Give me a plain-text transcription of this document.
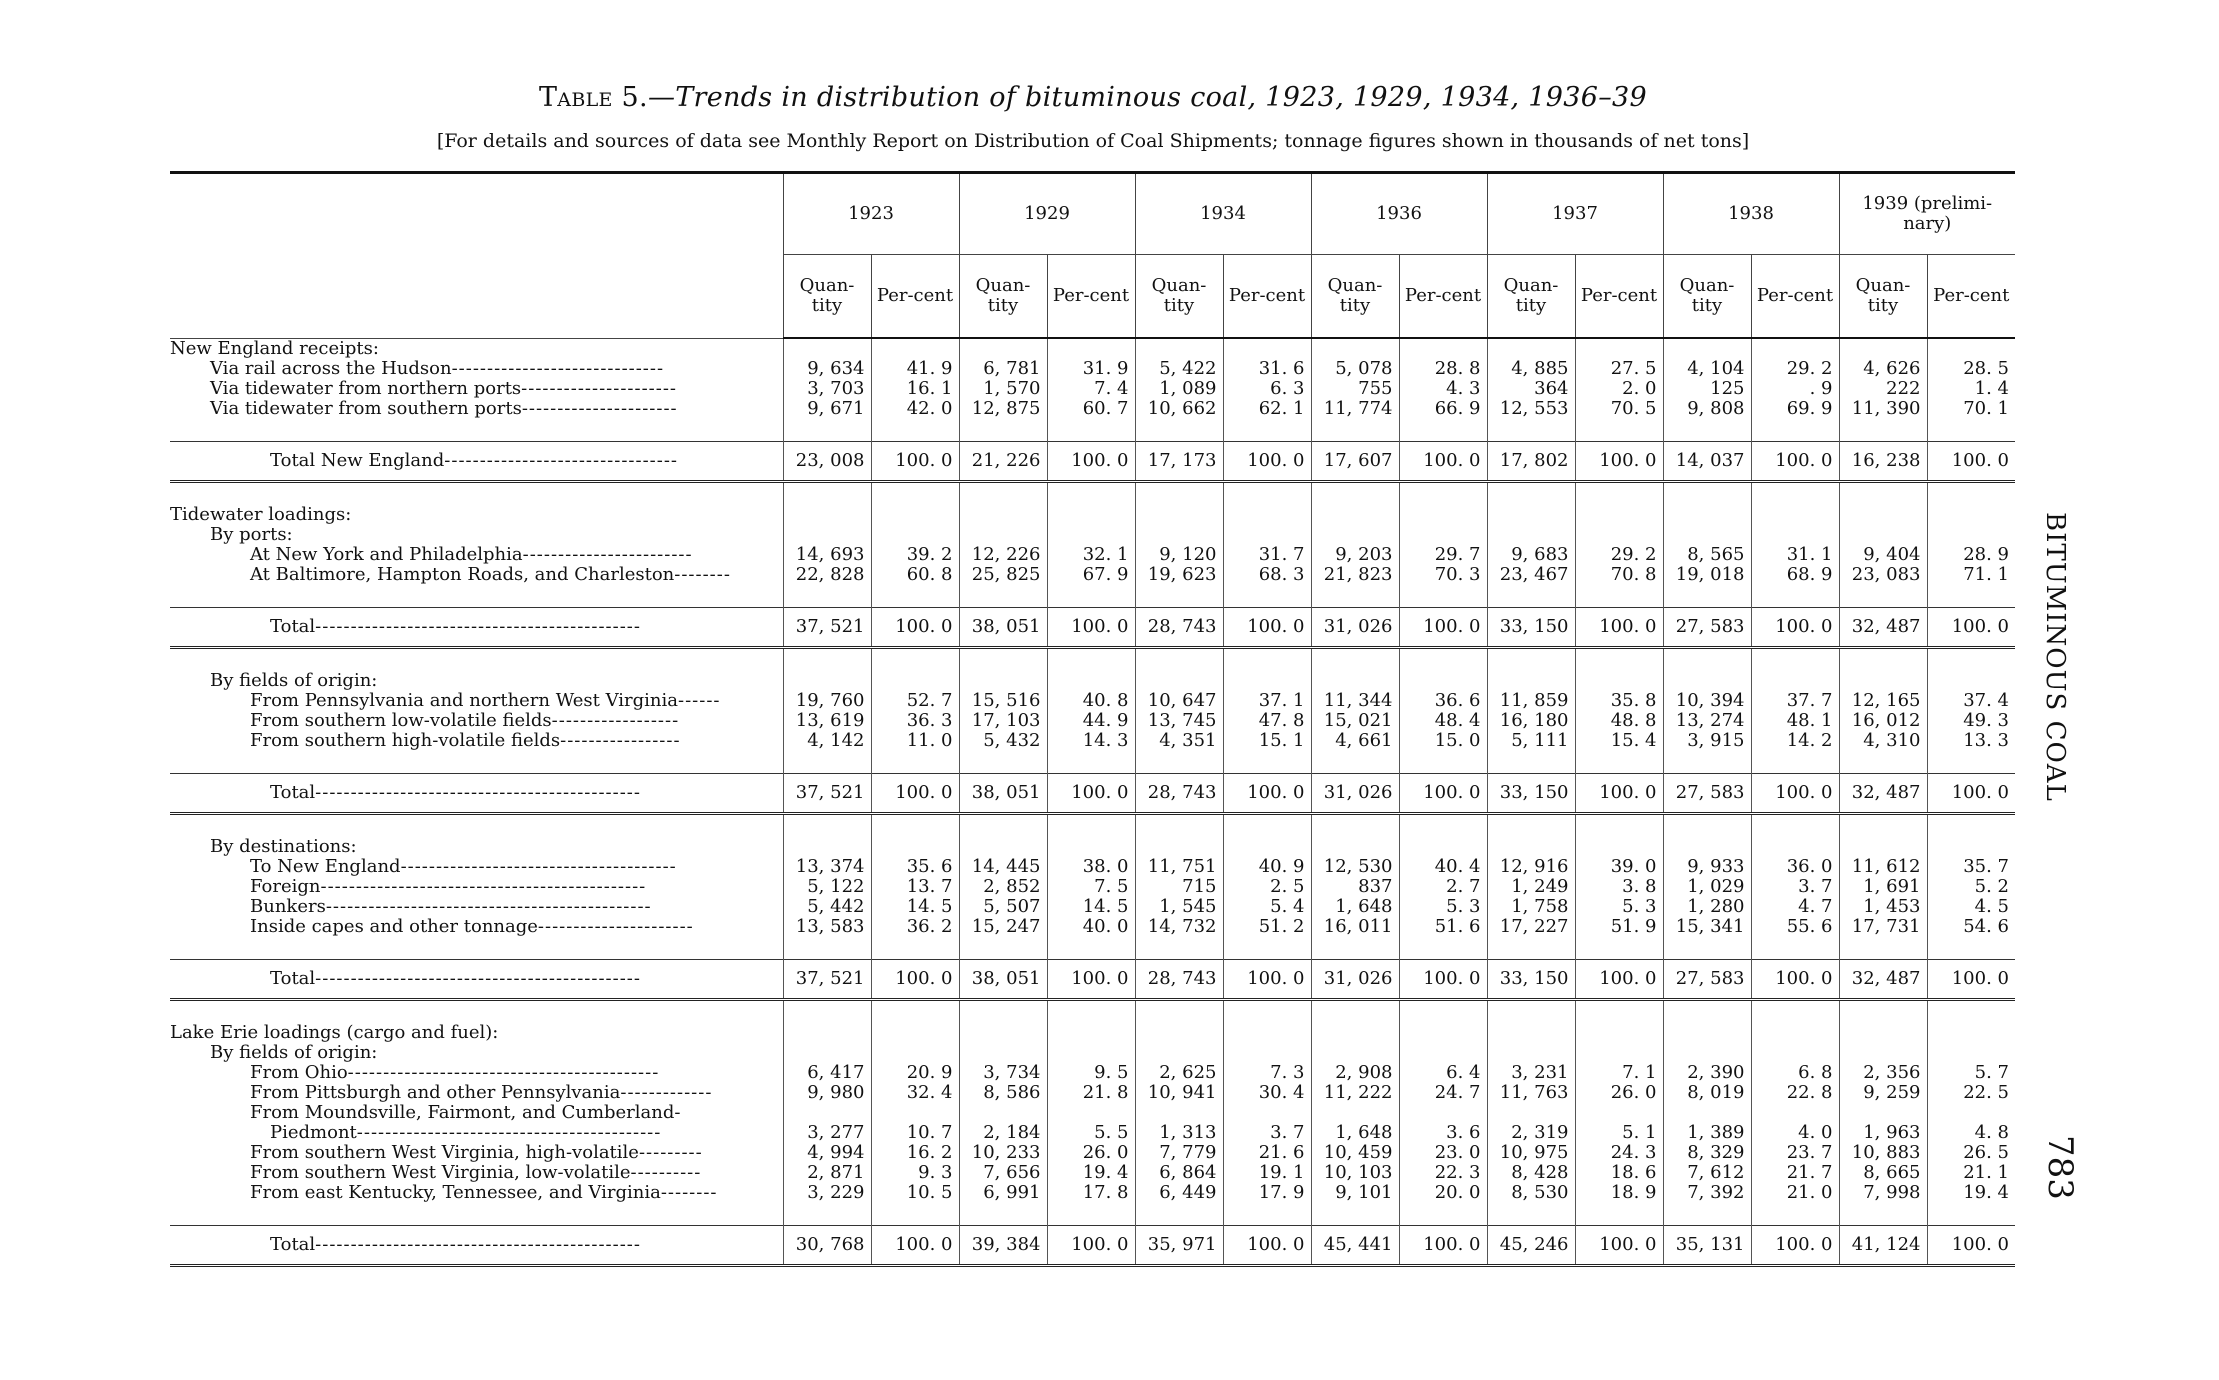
Table 5.—Trends in distribution of bituminous coal, 1923, 1929, 1934, 1936–39
[For details and sources of data see Monthly Report on Distribution of Coal Shipments; tonnage figures shown in thousands of net tons]
	1923		1929		1934		1936		1937		1938		1939 (prelimi-nary)	
	Quan-tity	Per-cent	Quan-tity	Per-cent	Quan-tity	Per-cent	Quan-tity	Per-cent	Quan-tity	Per-cent	Quan-tity	Per-cent	Quan-tity	Per-cent
New England receipts:														
Via rail across the Hudson------------------------------	9, 634	41. 9	6, 781	31. 9	5, 422	31. 6	5, 078	28. 8	4, 885	27. 5	4, 104	29. 2	4, 626	28. 5
Via tidewater from northern ports----------------------	3, 703	16. 1	1, 570	7. 4	1, 089	6. 3	755	4. 3	364	2. 0	125	. 9	222	1. 4
Via tidewater from southern ports----------------------	9, 671	42. 0	12, 875	60. 7	10, 662	62. 1	11, 774	66. 9	12, 553	70. 5	9, 808	69. 9	11, 390	70. 1

Total New England---------------------------------	23, 008	100. 0	21, 226	100. 0	17, 173	100. 0	17, 607	100. 0	17, 802	100. 0	14, 037	100. 0	16, 238	100. 0

Tidewater loadings:														
By ports:														
At New York and Philadelphia------------------------	14, 693	39. 2	12, 226	32. 1	9, 120	31. 7	9, 203	29. 7	9, 683	29. 2	8, 565	31. 1	9, 404	28. 9
At Baltimore, Hampton Roads, and Charleston--------	22, 828	60. 8	25, 825	67. 9	19, 623	68. 3	21, 823	70. 3	23, 467	70. 8	19, 018	68. 9	23, 083	71. 1

Total----------------------------------------------	37, 521	100. 0	38, 051	100. 0	28, 743	100. 0	31, 026	100. 0	33, 150	100. 0	27, 583	100. 0	32, 487	100. 0

By fields of origin:														
From Pennsylvania and northern West Virginia------	19, 760	52. 7	15, 516	40. 8	10, 647	37. 1	11, 344	36. 6	11, 859	35. 8	10, 394	37. 7	12, 165	37. 4
From southern low-volatile fields------------------	13, 619	36. 3	17, 103	44. 9	13, 745	47. 8	15, 021	48. 4	16, 180	48. 8	13, 274	48. 1	16, 012	49. 3
From southern high-volatile fields-----------------	4, 142	11. 0	5, 432	14. 3	4, 351	15. 1	4, 661	15. 0	5, 111	15. 4	3, 915	14. 2	4, 310	13. 3

Total----------------------------------------------	37, 521	100. 0	38, 051	100. 0	28, 743	100. 0	31, 026	100. 0	33, 150	100. 0	27, 583	100. 0	32, 487	100. 0

By destinations:														
To New England---------------------------------------	13, 374	35. 6	14, 445	38. 0	11, 751	40. 9	12, 530	40. 4	12, 916	39. 0	9, 933	36. 0	11, 612	35. 7
Foreign----------------------------------------------	5, 122	13. 7	2, 852	7. 5	715	2. 5	837	2. 7	1, 249	3. 8	1, 029	3. 7	1, 691	5. 2
Bunkers----------------------------------------------	5, 442	14. 5	5, 507	14. 5	1, 545	5. 4	1, 648	5. 3	1, 758	5. 3	1, 280	4. 7	1, 453	4. 5
Inside capes and other tonnage----------------------	13, 583	36. 2	15, 247	40. 0	14, 732	51. 2	16, 011	51. 6	17, 227	51. 9	15, 341	55. 6	17, 731	54. 6

Total----------------------------------------------	37, 521	100. 0	38, 051	100. 0	28, 743	100. 0	31, 026	100. 0	33, 150	100. 0	27, 583	100. 0	32, 487	100. 0

Lake Erie loadings (cargo and fuel):														
By fields of origin:														
From Ohio--------------------------------------------	6, 417	20. 9	3, 734	9. 5	2, 625	7. 3	2, 908	6. 4	3, 231	7. 1	2, 390	6. 8	2, 356	5. 7
From Pittsburgh and other Pennsylvania-------------	9, 980	32. 4	8, 586	21. 8	10, 941	30. 4	11, 222	24. 7	11, 763	26. 0	8, 019	22. 8	9, 259	22. 5
From Moundsville, Fairmont, and Cumberland-														
Piedmont-------------------------------------------	3, 277	10. 7	2, 184	5. 5	1, 313	3. 7	1, 648	3. 6	2, 319	5. 1	1, 389	4. 0	1, 963	4. 8
From southern West Virginia, high-volatile---------	4, 994	16. 2	10, 233	26. 0	7, 779	21. 6	10, 459	23. 0	10, 975	24. 3	8, 329	23. 7	10, 883	26. 5
From southern West Virginia, low-volatile----------	2, 871	9. 3	7, 656	19. 4	6, 864	19. 1	10, 103	22. 3	8, 428	18. 6	7, 612	21. 7	8, 665	21. 1
From east Kentucky, Tennessee, and Virginia--------	3, 229	10. 5	6, 991	17. 8	6, 449	17. 9	9, 101	20. 0	8, 530	18. 9	7, 392	21. 0	7, 998	19. 4

Total----------------------------------------------	30, 768	100. 0	39, 384	100. 0	35, 971	100. 0	45, 441	100. 0	45, 246	100. 0	35, 131	100. 0	41, 124	100. 0
BITUMINOUS COAL
783
